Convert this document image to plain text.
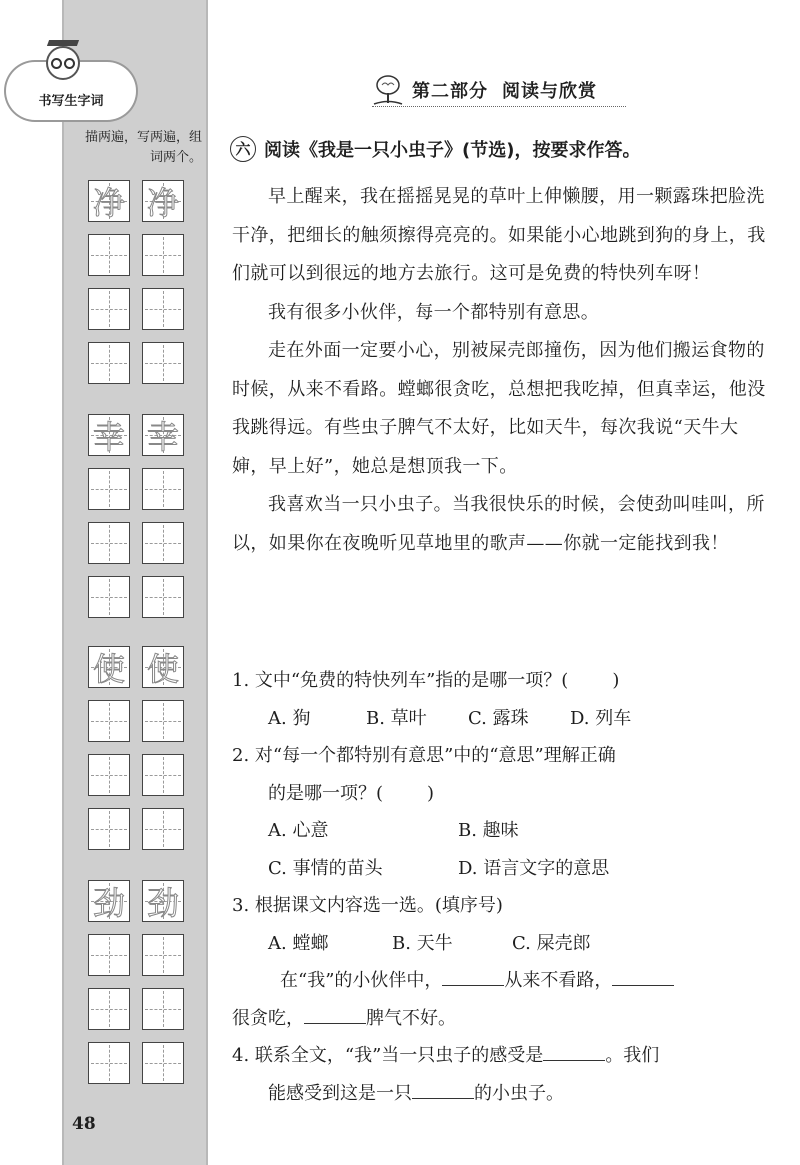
书写生字词
描两遍，写两遍，组词两个。
净 净
幸 幸
使 使
劲 劲
48
第二部分 阅读与欣赏
六 阅读《我是一只小虫子》(节选)，按要求作答。

早上醒来，我在摇摇晃晃的草叶上伸懒腰，用一颗露珠把脸洗干净，把细长的触须擦得亮亮的。如果能小心地跳到狗的身上，我们就可以到很远的地方去旅行。这可是免费的特快列车呀！

我有很多小伙伴，每一个都特别有意思。

走在外面一定要小心，别被屎壳郎撞伤，因为他们搬运食物的时候，从来不看路。螳螂很贪吃，总想把我吃掉，但真幸运，他没我跳得远。有些虫子脾气不太好，比如天牛，每次我说“天牛大婶，早上好”，她总是想顶我一下。

我喜欢当一只小虫子。当我很快乐的时候，会使劲叫哇叫，所以，如果你在夜晚听见草地里的歌声——你就一定能找到我！

1. 文中“免费的特快列车”指的是哪一项？( )
A. 狗	B. 草叶 C. 露珠 D. 列车
2. 对“每一个都特别有意思”中的“意思”理解正确
的是哪一项？( )
A. 心意	B. 趣味
C. 事情的苗头	D. 语言文字的意思
3. 根据课文内容选一选。(填序号)
A. 螳螂	B. 天牛	C. 屎壳郎
在“我”的小伙伴中，	从来不看路，
很贪吃，	脾气不好。
4. 联系全文，“我”当一只虫子的感受是	。我们
能感受到这是一只	的小虫子。
